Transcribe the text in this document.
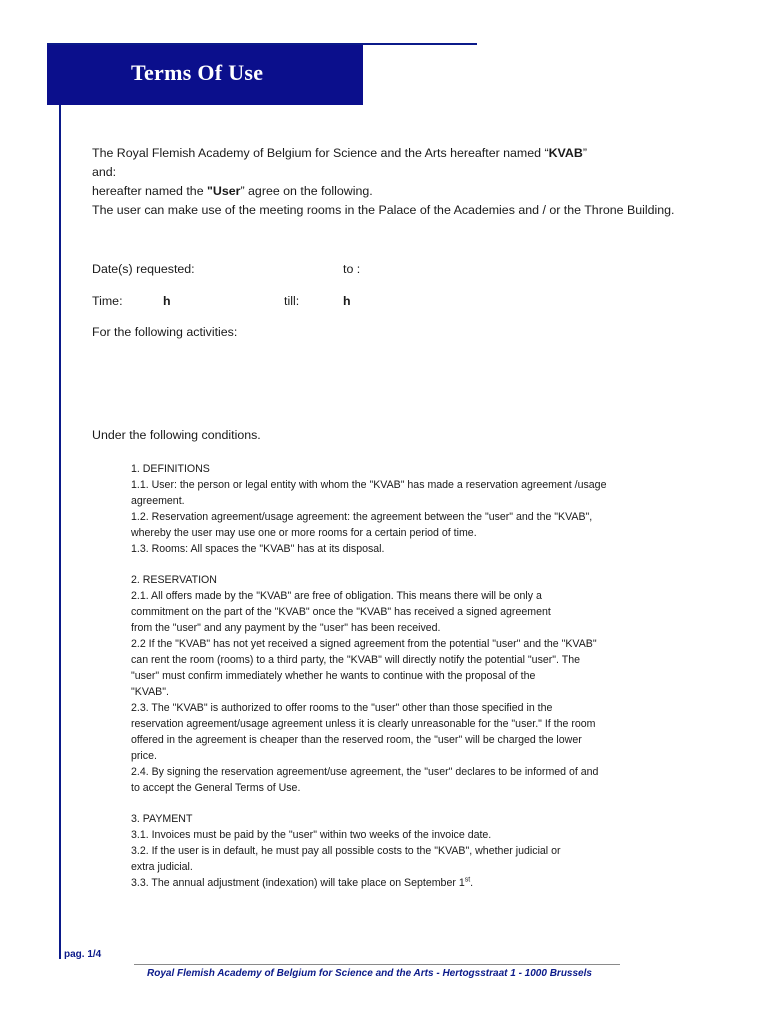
Terms Of Use
The Royal Flemish Academy of Belgium for Science and the Arts hereafter named “KVAB”
and:
hereafter named the "User” agree on the following.
The user can make use of the meeting rooms in the Palace of the Academies and / or the Throne Building.
Date(s) requested:	to :
Time:	h	till:	h
For the following activities:
Under the following conditions.
1. DEFINITIONS
1.1. User: the person or legal entity with whom the "KVAB" has made a reservation agreement /usage
agreement.
1.2. Reservation agreement/usage agreement: the agreement between the "user" and the "KVAB",
whereby the user may use one or more rooms for a certain period of time.
1.3. Rooms: All spaces the "KVAB" has at its disposal.
2. RESERVATION
2.1. All offers made by the "KVAB" are free of obligation. This means there will be only a
commitment on the part of the "KVAB" once the "KVAB" has received a signed agreement
from the "user" and any payment by the "user" has been received.
2.2 If the "KVAB" has not yet received a signed agreement from the potential "user" and the "KVAB"
can rent the room (rooms) to a third party, the "KVAB" will directly notify the potential "user". The
"user" must confirm immediately whether he wants to continue with the proposal of the
"KVAB".
2.3. The "KVAB" is authorized to offer rooms to the "user" other than those specified in the
reservation agreement/usage agreement unless it is clearly unreasonable for the "user." If the room
offered in the agreement is cheaper than the reserved room, the "user" will be charged the lower
price.
2.4. By signing the reservation agreement/use agreement, the "user" declares to be informed of and
to accept the General Terms of Use.
3. PAYMENT
3.1. Invoices must be paid by the "user" within two weeks of the invoice date.
3.2. If the user is in default, he must pay all possible costs to the "KVAB", whether judicial or
extra judicial.
3.3. The annual adjustment (indexation) will take place on September 1st.
pag. 1/4
Royal Flemish Academy of Belgium for Science and the Arts - Hertogsstraat 1 - 1000 Brussels
